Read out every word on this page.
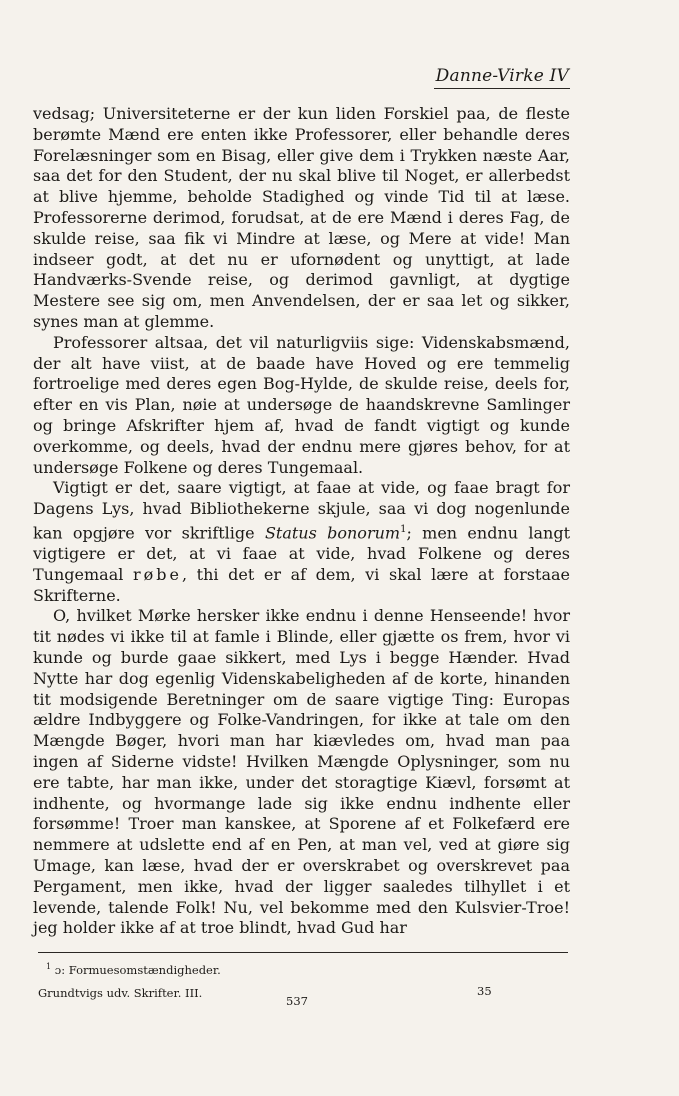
Danne-Virke IV

vedsag; Universiteterne er der kun liden Forskiel paa, de fleste berømte Mænd ere enten ikke Professorer, eller behandle deres Forelæsninger som en Bisag, eller give dem i Trykken næste Aar, saa det for den Student, der nu skal blive til Noget, er allerbedst at blive hjemme, beholde Stadighed og vinde Tid til at læse. Professorerne derimod, forudsat, at de ere Mænd i deres Fag, de skulde reise, saa fik vi Mindre at læse, og Mere at vide! Man indseer godt, at det nu er ufornødent og unyttigt, at lade Handværks-Svende reise, og derimod gavnligt, at dygtige Mestere see sig om, men Anvendelsen, der er saa let og sikker, synes man at glemme.

Professorer altsaa, det vil naturligviis sige: Videnskabsmænd, der alt have viist, at de baade have Hoved og ere temmelig fortroelige med deres egen Bog-Hylde, de skulde reise, deels for, efter en vis Plan, nøie at undersøge de haandskrevne Samlinger og bringe Afskrifter hjem af, hvad de fandt vigtigt og kunde overkomme, og deels, hvad der endnu mere gjøres behov, for at undersøge Folkene og deres Tungemaal.

Vigtigt er det, saare vigtigt, at faae at vide, og faae bragt for Dagens Lys, hvad Bibliothekerne skjule, saa vi dog nogenlunde kan opgjøre vor skriftlige Status bonorum$^1$; men endnu langt vigtigere er det, at vi faae at vide, hvad Folkene og deres Tungemaal røbe, thi det er af dem, vi skal lære at forstaae Skrifterne.

O, hvilket Mørke hersker ikke endnu i denne Henseende! hvor tit nødes vi ikke til at famle i Blinde, eller gjætte os frem, hvor vi kunde og burde gaae sikkert, med Lys i begge Hænder. Hvad Nytte har dog egenlig Videnskabeligheden af de korte, hinanden tit modsigende Beretninger om de saare vigtige Ting: Europas ældre Indbyggere og Folke-Vandringen, for ikke at tale om den Mængde Bøger, hvori man har kiævledes om, hvad man paa ingen af Siderne vidste! Hvilken Mængde Oplysninger, som nu ere tabte, har man ikke, under det storagtige Kiævl, forsømt at indhente, og hvormange lade sig ikke endnu indhente eller forsømme! Troer man kanskee, at Sporene af et Folkefærd ere nemmere at udslette end af en Pen, at man vel, ved at giøre sig Umage, kan læse, hvad der er overskrabet og overskrevet paa Pergament, men ikke, hvad der ligger saaledes tilhyllet i et levende, talende Folk! Nu, vel bekomme med den Kulsvier-Troe! jeg holder ikke af at troe blindt, hvad Gud har

$^1$ ɔ: Formuesomstændigheder.
Grundtvigs udv. Skrifter. III.
537
35
